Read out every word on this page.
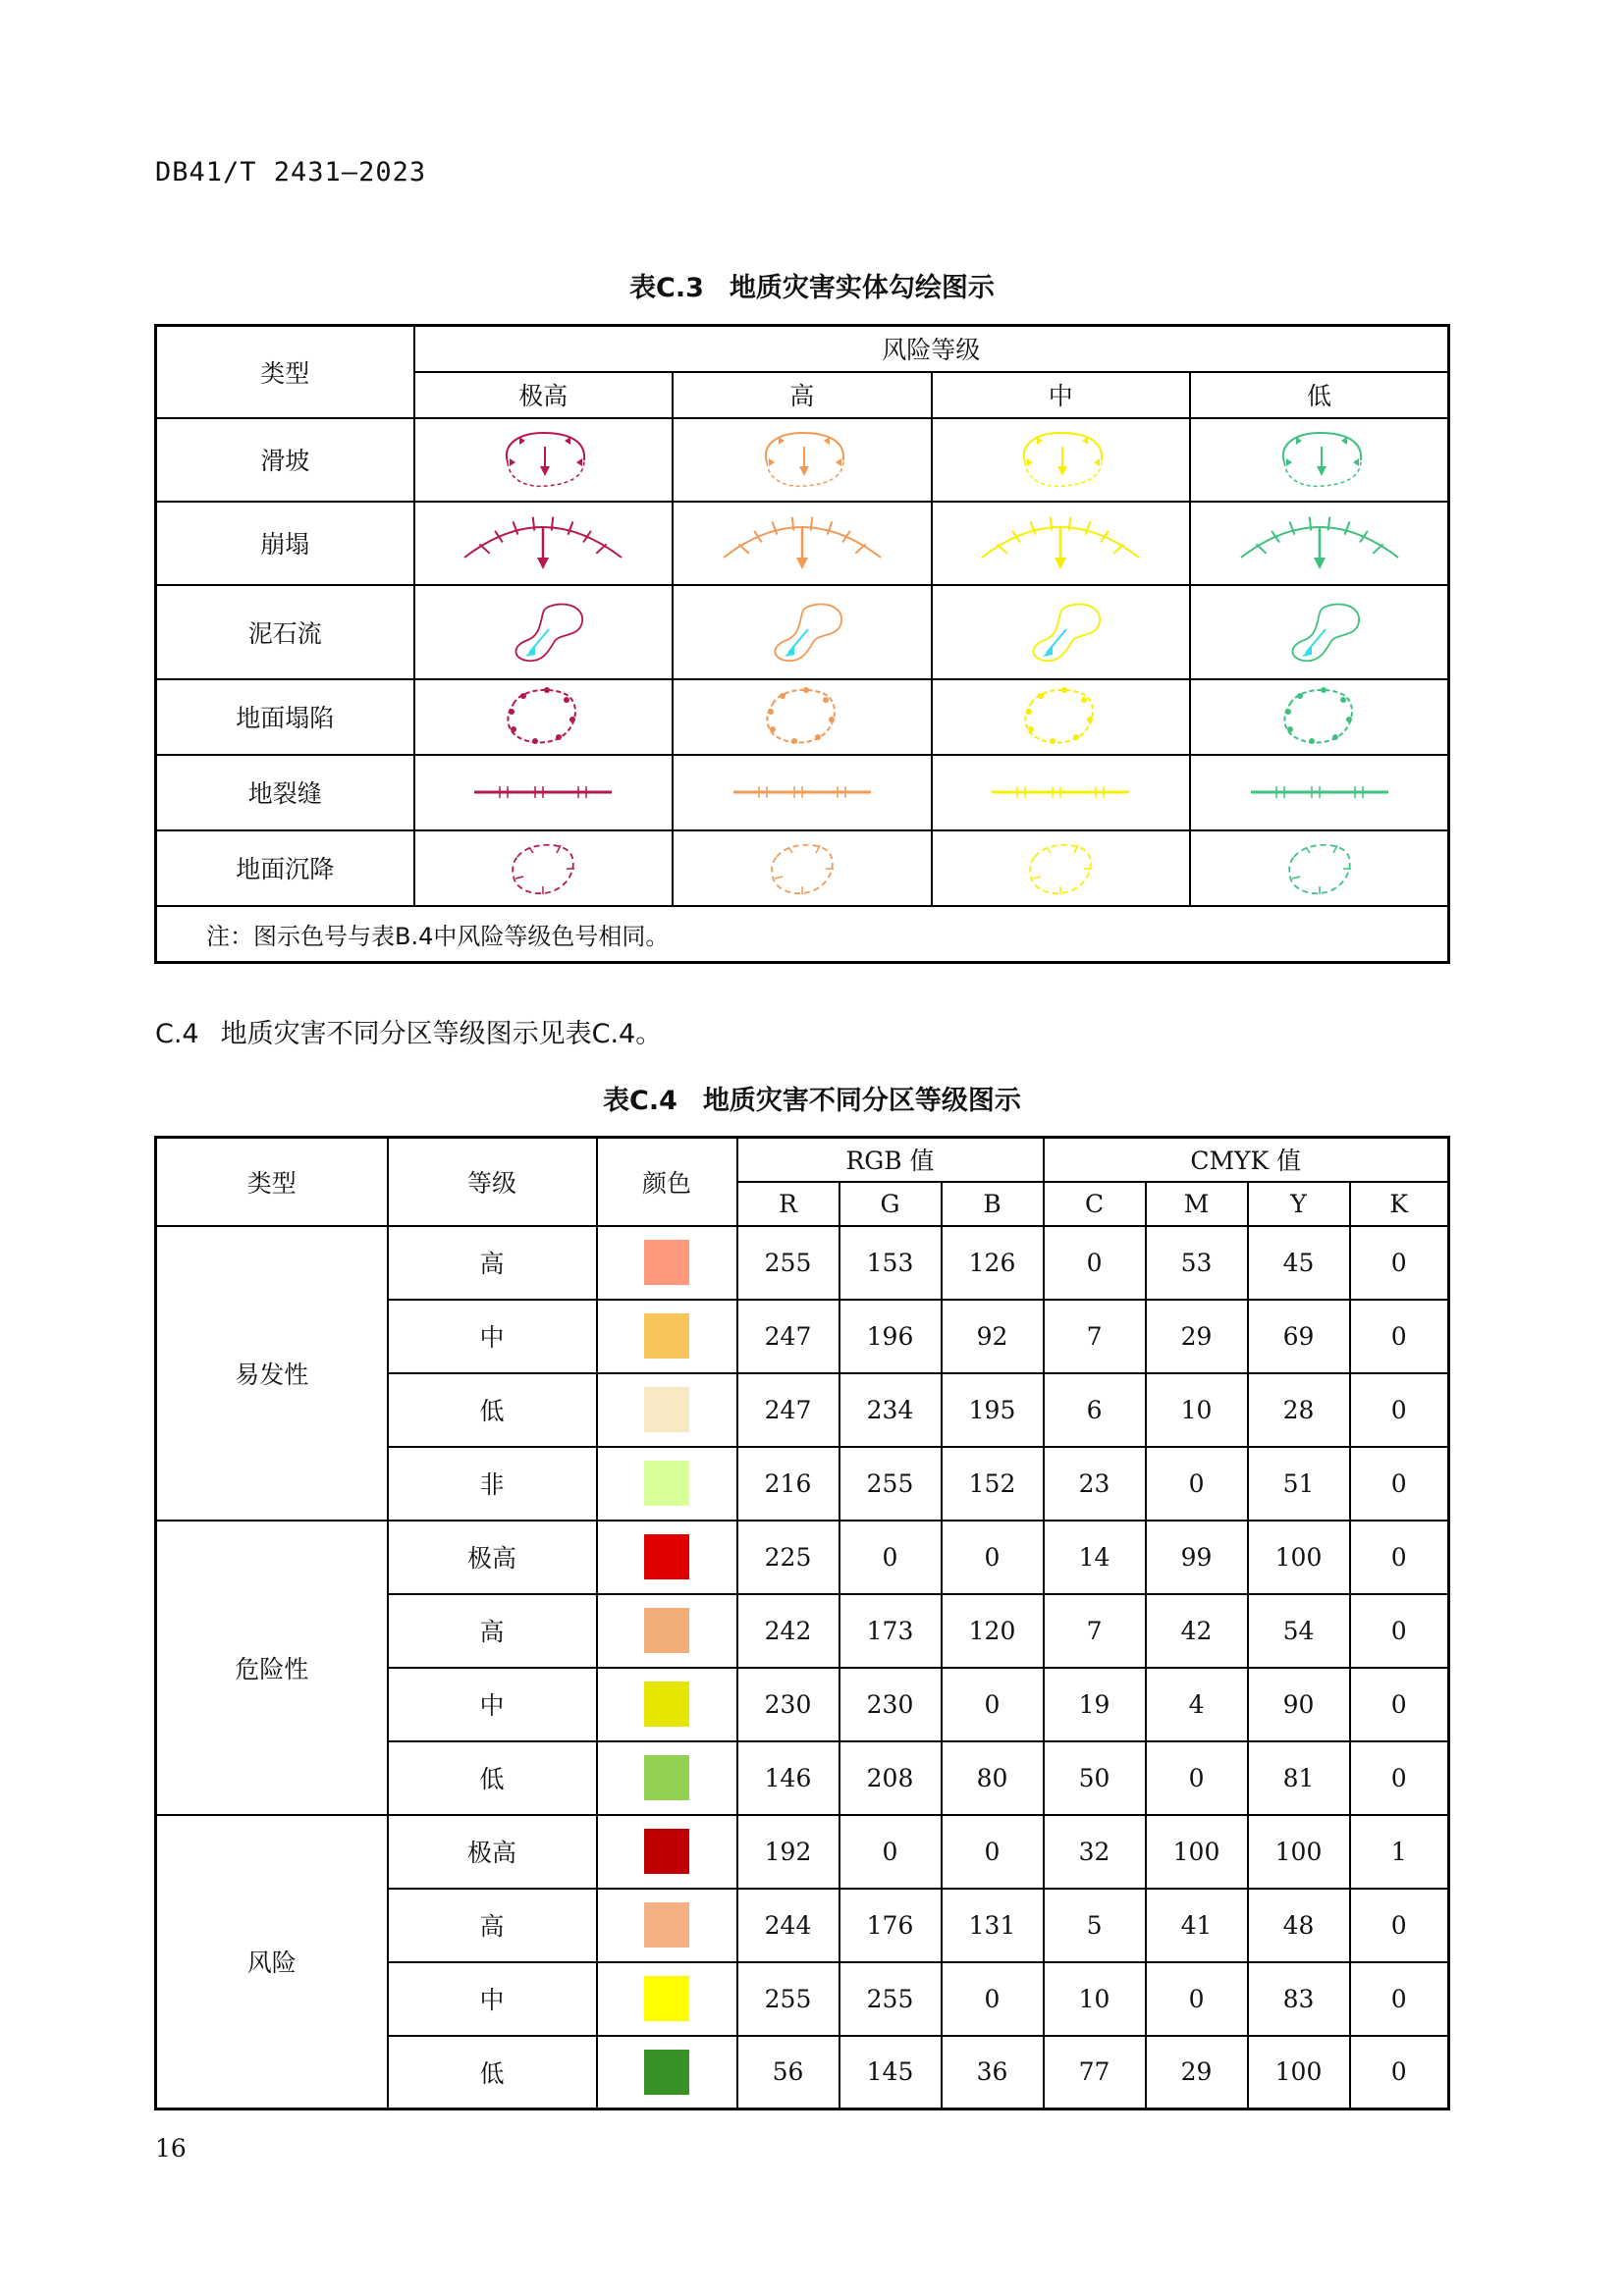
DB41/T 2431—2023
表C.3 地质灾害实体勾绘图示
类型	风险等级			
	极高	高	中	低
滑坡	

崩塌	

泥石流	

地面塌陷	

地裂缝	

地面沉降	

注：图示色号与表B.4中风险等级色号相同。				
C.4 地质灾害不同分区等级图示见表C.4。
表C.4 地质灾害不同分区等级图示
类型	等级	颜色	RGB 值			CMYK 值			
			R	G	B	C	M	Y	K
易发性	高		255	153	126	0	53	45	0
	中		247	196	92	7	29	69	0
	低		247	234	195	6	10	28	0
	非		216	255	152	23	0	51	0
危险性	极高		225	0	0	14	99	100	0
	高		242	173	120	7	42	54	0
	中		230	230	0	19	4	90	0
	低		146	208	80	50	0	81	0
风险	极高		192	0	0	32	100	100	1
	高		244	176	131	5	41	48	0
	中		255	255	0	10	0	83	0
	低		56	145	36	77	29	100	0
16
